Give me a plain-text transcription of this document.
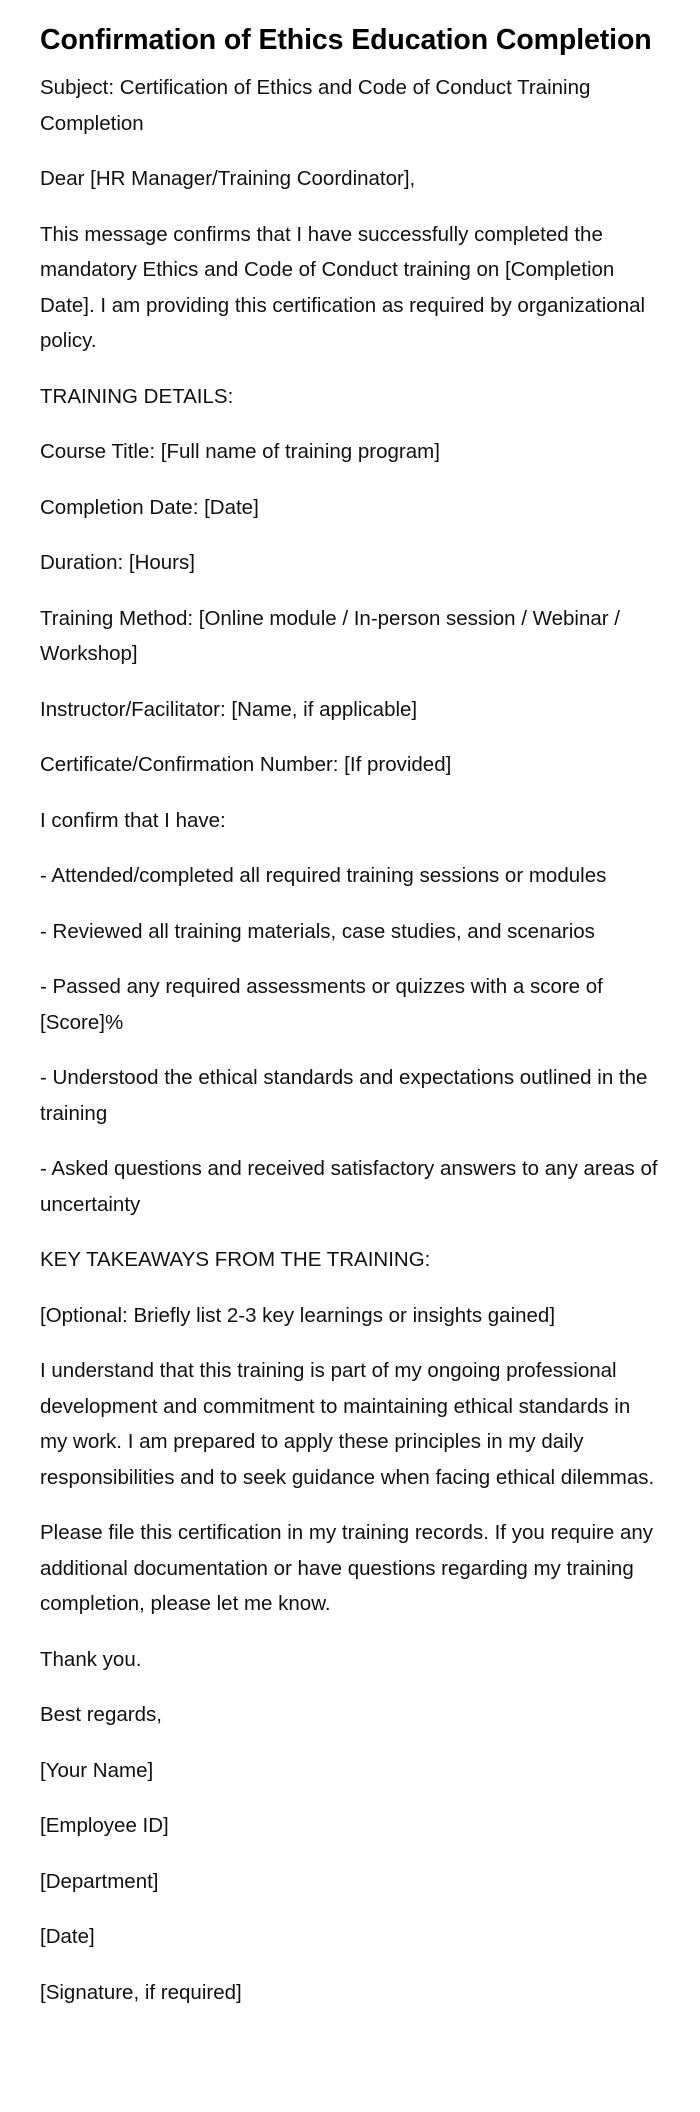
Confirmation of Ethics Education Completion

Subject: Certification of Ethics and Code of Conduct Training Completion

Dear [HR Manager/Training Coordinator],

This message confirms that I have successfully completed the mandatory Ethics and Code of Conduct training on [Completion Date]. I am providing this certification as required by organizational policy.

TRAINING DETAILS:

Course Title: [Full name of training program]

Completion Date: [Date]

Duration: [Hours]

Training Method: [Online module / In-person session / Webinar / Workshop]

Instructor/Facilitator: [Name, if applicable]

Certificate/Confirmation Number: [If provided]

I confirm that I have:

- Attended/completed all required training sessions or modules

- Reviewed all training materials, case studies, and scenarios

- Passed any required assessments or quizzes with a score of [Score]%

- Understood the ethical standards and expectations outlined in the training

- Asked questions and received satisfactory answers to any areas of uncertainty

KEY TAKEAWAYS FROM THE TRAINING:

[Optional: Briefly list 2-3 key learnings or insights gained]

I understand that this training is part of my ongoing professional development and commitment to maintaining ethical standards in my work. I am prepared to apply these principles in my daily responsibilities and to seek guidance when facing ethical dilemmas.

Please file this certification in my training records. If you require any additional documentation or have questions regarding my training completion, please let me know.

Thank you.

Best regards,

[Your Name]

[Employee ID]

[Department]

[Date]

[Signature, if required]
